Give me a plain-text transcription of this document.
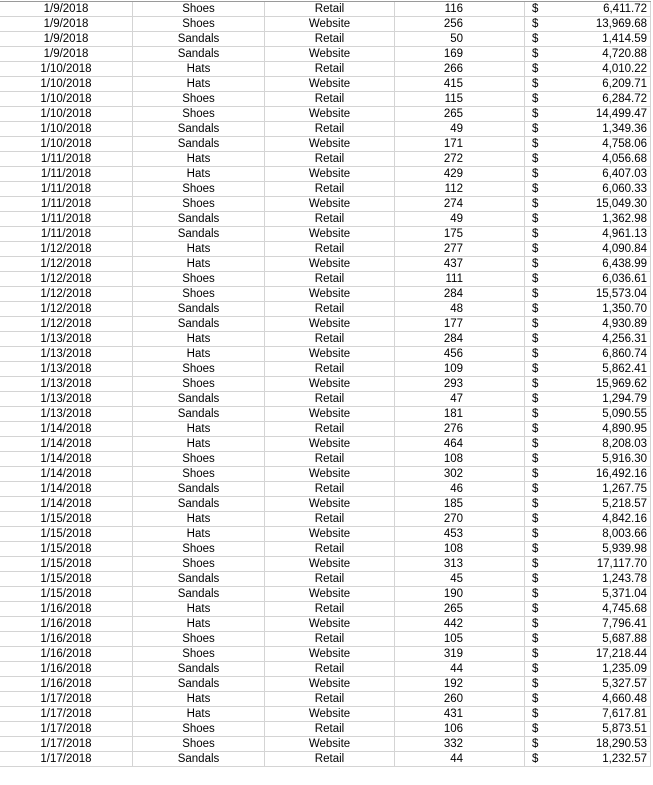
1/9/2018	Shoes	Retail	116	$	6,411.72
1/9/2018	Shoes	Website	256	$	13,969.68
1/9/2018	Sandals	Retail	50	$	1,414.59
1/9/2018	Sandals	Website	169	$	4,720.88
1/10/2018	Hats	Retail	266	$	4,010.22
1/10/2018	Hats	Website	415	$	6,209.71
1/10/2018	Shoes	Retail	115	$	6,284.72
1/10/2018	Shoes	Website	265	$	14,499.47
1/10/2018	Sandals	Retail	49	$	1,349.36
1/10/2018	Sandals	Website	171	$	4,758.06
1/11/2018	Hats	Retail	272	$	4,056.68
1/11/2018	Hats	Website	429	$	6,407.03
1/11/2018	Shoes	Retail	112	$	6,060.33
1/11/2018	Shoes	Website	274	$	15,049.30
1/11/2018	Sandals	Retail	49	$	1,362.98
1/11/2018	Sandals	Website	175	$	4,961.13
1/12/2018	Hats	Retail	277	$	4,090.84
1/12/2018	Hats	Website	437	$	6,438.99
1/12/2018	Shoes	Retail	111	$	6,036.61
1/12/2018	Shoes	Website	284	$	15,573.04
1/12/2018	Sandals	Retail	48	$	1,350.70
1/12/2018	Sandals	Website	177	$	4,930.89
1/13/2018	Hats	Retail	284	$	4,256.31
1/13/2018	Hats	Website	456	$	6,860.74
1/13/2018	Shoes	Retail	109	$	5,862.41
1/13/2018	Shoes	Website	293	$	15,969.62
1/13/2018	Sandals	Retail	47	$	1,294.79
1/13/2018	Sandals	Website	181	$	5,090.55
1/14/2018	Hats	Retail	276	$	4,890.95
1/14/2018	Hats	Website	464	$	8,208.03
1/14/2018	Shoes	Retail	108	$	5,916.30
1/14/2018	Shoes	Website	302	$	16,492.16
1/14/2018	Sandals	Retail	46	$	1,267.75
1/14/2018	Sandals	Website	185	$	5,218.57
1/15/2018	Hats	Retail	270	$	4,842.16
1/15/2018	Hats	Website	453	$	8,003.66
1/15/2018	Shoes	Retail	108	$	5,939.98
1/15/2018	Shoes	Website	313	$	17,117.70
1/15/2018	Sandals	Retail	45	$	1,243.78
1/15/2018	Sandals	Website	190	$	5,371.04
1/16/2018	Hats	Retail	265	$	4,745.68
1/16/2018	Hats	Website	442	$	7,796.41
1/16/2018	Shoes	Retail	105	$	5,687.88
1/16/2018	Shoes	Website	319	$	17,218.44
1/16/2018	Sandals	Retail	44	$	1,235.09
1/16/2018	Sandals	Website	192	$	5,327.57
1/17/2018	Hats	Retail	260	$	4,660.48
1/17/2018	Hats	Website	431	$	7,617.81
1/17/2018	Shoes	Retail	106	$	5,873.51
1/17/2018	Shoes	Website	332	$	18,290.53
1/17/2018	Sandals	Retail	44	$	1,232.57
